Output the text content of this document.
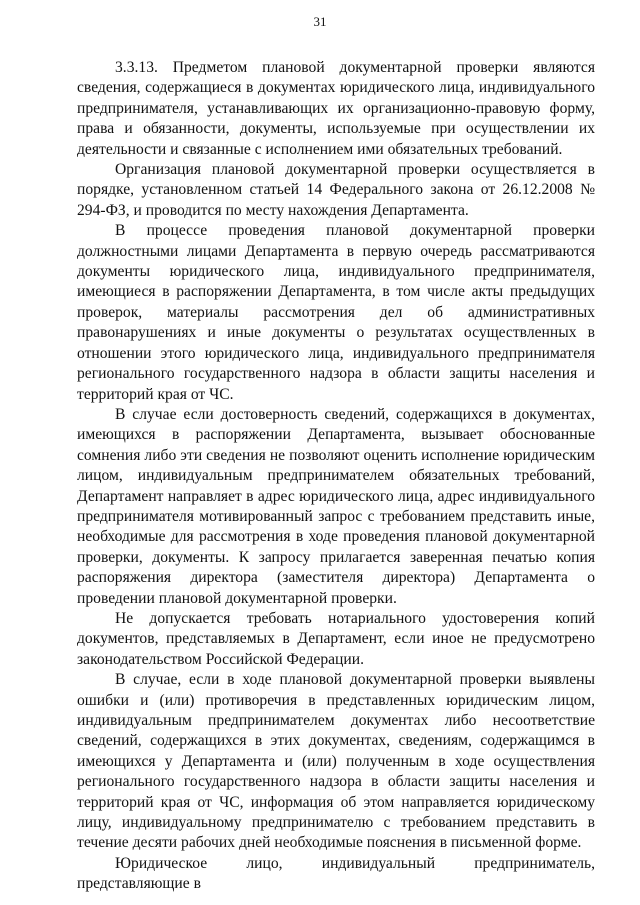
31

3.3.13. Предметом плановой документарной проверки являются сведения, содержащиеся в документах юридического лица, индивидуального предпринимателя, устанавливающих их организационно-правовую форму, права и обязанности, документы, используемые при осуществлении их деятельности и связанные с исполнением ими обязательных требований.

Организация плановой документарной проверки осуществляется в порядке, установленном статьей 14 Федерального закона от 26.12.2008 № 294-ФЗ, и проводится по месту нахождения Департамента.

В процессе проведения плановой документарной проверки должностными лицами Департамента в первую очередь рассматриваются документы юридического лица, индивидуального предпринимателя, имеющиеся в распоряжении Департамента, в том числе акты предыдущих проверок, материалы рассмотрения дел об административных правонарушениях и иные документы о результатах осуществленных в отношении этого юридического лица, индивидуального предпринимателя регионального государственного надзора в области защиты населения и территорий края от ЧС.

В случае если достоверность сведений, содержащихся в документах, имеющихся в распоряжении Департамента, вызывает обоснованные сомнения либо эти сведения не позволяют оценить исполнение юридическим лицом, индивидуальным предпринимателем обязательных требований, Департамент направляет в адрес юридического лица, адрес индивидуального предпринимателя мотивированный запрос с требованием представить иные, необходимые для рассмотрения в ходе проведения плановой документарной проверки, документы. К запросу прилагается заверенная печатью копия распоряжения директора (заместителя директора) Департамента о проведении плановой документарной проверки.

Не допускается требовать нотариального удостоверения копий документов, представляемых в Департамент, если иное не предусмотрено законодательством Российской Федерации.

В случае, если в ходе плановой документарной проверки выявлены ошибки и (или) противоречия в представленных юридическим лицом, индивидуальным предпринимателем документах либо несоответствие сведений, содержащихся в этих документах, сведениям, содержащимся в имеющихся у Департамента и (или) полученным в ходе осуществления регионального государственного надзора в области защиты населения и территорий края от ЧС, информация об этом направляется юридическому лицу, индивидуальному предпринимателю с требованием представить в течение десяти рабочих дней необходимые пояснения в письменной форме.

Юридическое лицо, индивидуальный предприниматель, представляющие в
